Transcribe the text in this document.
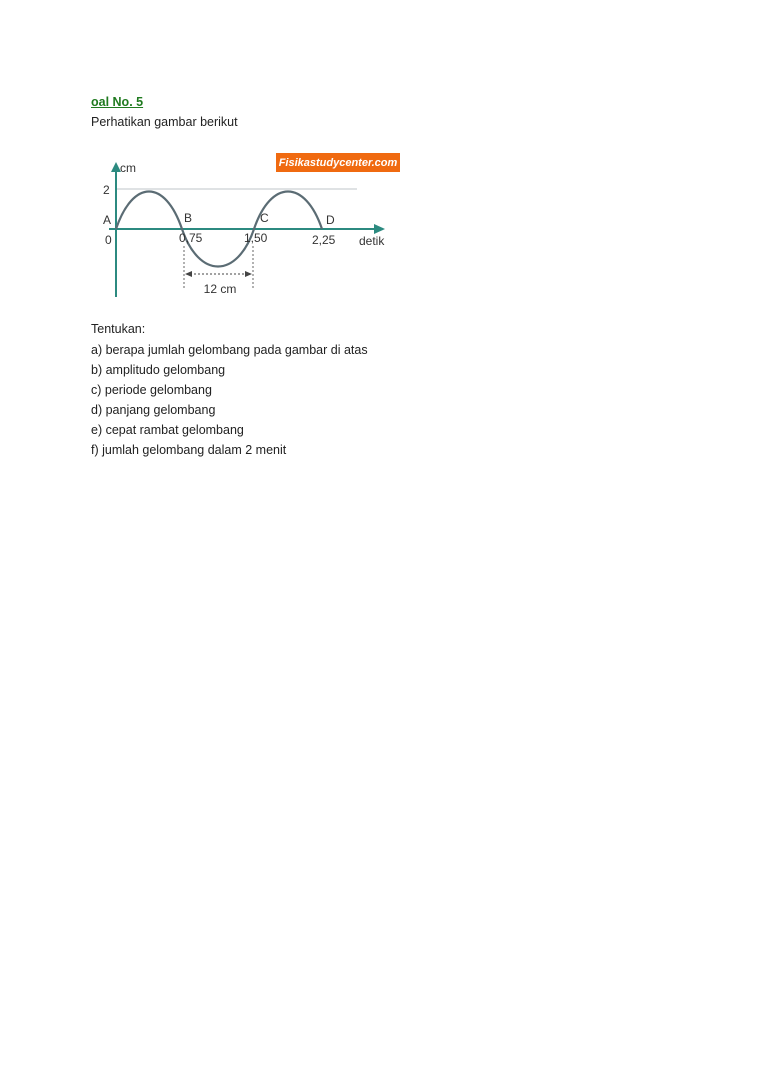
oal No. 5
Perhatikan gambar berikut
Fisikastudycenter.com
cm
2
0
A	B	C	D
0,75	1,50	2,25 detik
12 cm
Tentukan:
a) berapa jumlah gelombang pada gambar di atas
b) amplitudo gelombang
c) periode gelombang
d) panjang gelombang
e) cepat rambat gelombang
f) jumlah gelombang dalam 2 menit
